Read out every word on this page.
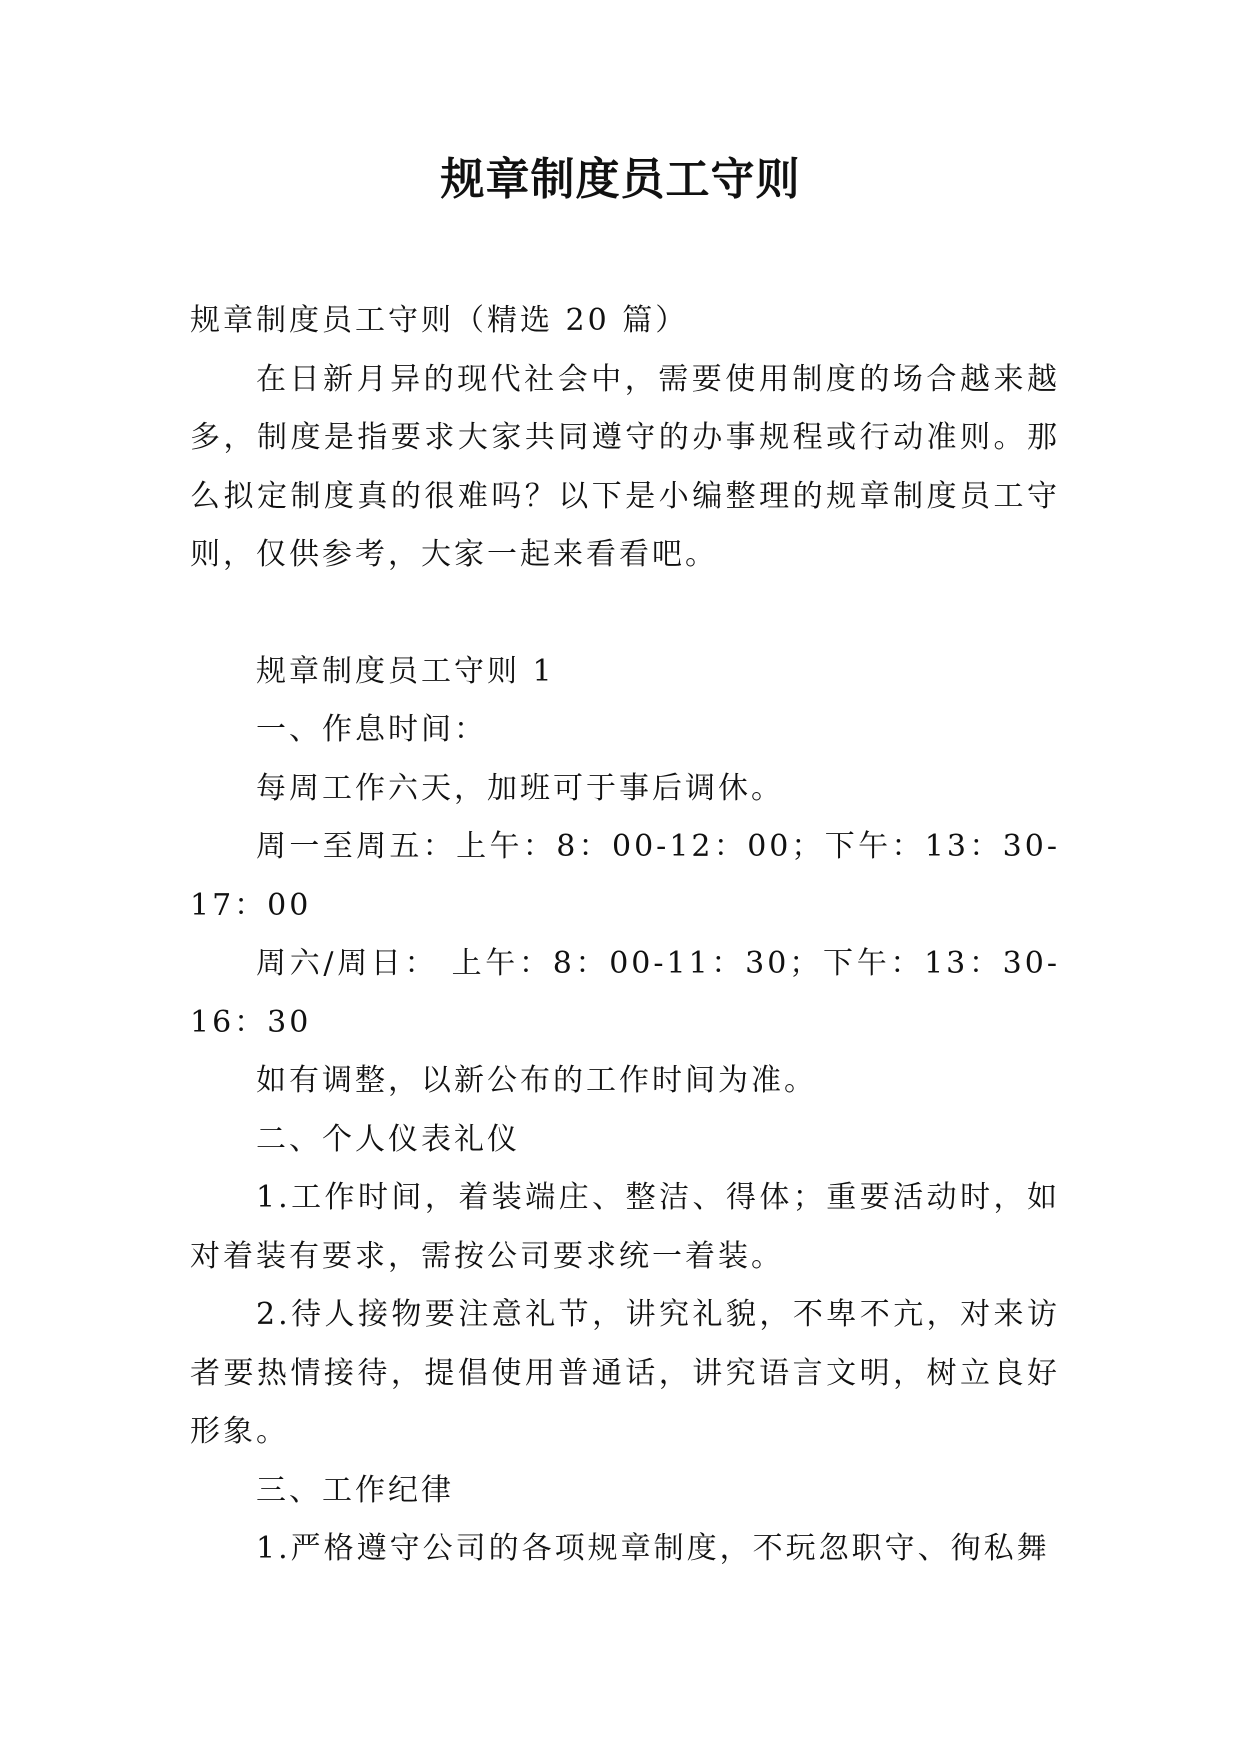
规章制度员工守则

规章制度员工守则（精选 20 篇）

在日新月异的现代社会中，需要使用制度的场合越来越多，制度是指要求大家共同遵守的办事规程或行动准则。那么拟定制度真的很难吗？以下是小编整理的规章制度员工守则，仅供参考，大家一起来看看吧。

规章制度员工守则 1

一、作息时间：

每周工作六天，加班可于事后调休。

周一至周五：上午：8：00-12：00；下午：13：30-17：00

周六/周日： 上午：8：00-11：30；下午：13：30-16：30

如有调整，以新公布的工作时间为准。

二、个人仪表礼仪

1.工作时间，着装端庄、整洁、得体；重要活动时，如对着装有要求，需按公司要求统一着装。

2.待人接物要注意礼节，讲究礼貌，不卑不亢，对来访者要热情接待，提倡使用普通话，讲究语言文明，树立良好形象。

三、工作纪律

1.严格遵守公司的各项规章制度，不玩忽职守、徇私舞
